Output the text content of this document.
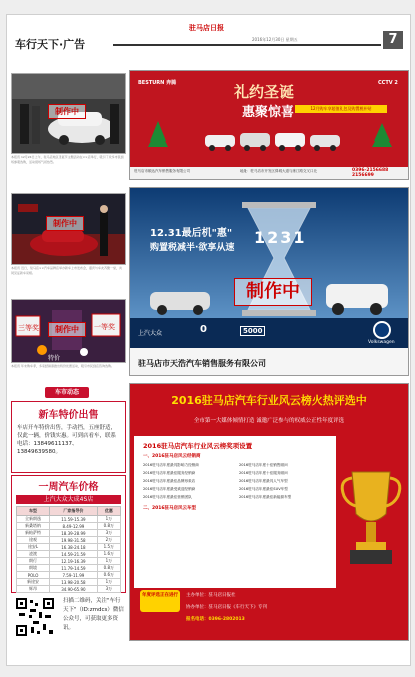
车行天下·广告
驻马店日报
2016年12月30日 星期五	7
制作中
本报讯 12月24日上午，驻马店地区圣诞节主题活动在××店举行，吸引了众多市民到场参观选购，活动现场气氛热烈。
制作中
本报讯 近日，驻马店××汽车品牌店举办新车上市发布会，嘉宾与车友齐聚一堂，共同见证新车亮相。
三等奖	一等奖
特价
制作中
本报讯 年末购车季，多家经销商推出特价优惠活动，吸引市民到店咨询选购。
车市动态
新车特价出售
车店开车特价出售，手动挡，五座舒适，仅此一辆，价钱实惠。可到店看车，联系电话：13849611137、13849639580。
一周汽车价格
上汽大众大成4S店
车型	厂家指导价	优惠
全新朗逸	11.59-15.39	1万
新桑塔纳	8.49-12.99	0.8万
新帕萨特	18.39-28.99	3万
途观	19.98-31.58	2万
途安L	16.38-24.18	1.5万
凌渡	14.59-21.59	1.6万
朗行	12.19-16.39	1万
朗境	11.79-14.59	0.8万
POLO	7.59-11.99	0.6万
新途安	13.98-20.58	1万
辉昂	34.90-65.90	3万
扫描二维码，关注"车行天下"（ID:zmdcs）微信公众号，可获取更多资讯。
BESTURN 奔腾	礼约圣诞
惠聚惊喜	12月购车享超值礼包及购置税补贴
CCTV 2
驻马店市顺达汽车销售服务有限公司	地址：驻马店市开发区驿城大道与练江路交叉口北	0396-2156688 2156699
12.31最后机"惠"
购置税减半·欲享从速
1231
制作中
上汽大众	0	5000
Volkswagen
驻马店市天浩汽车销售服务有限公司
2016驻马店汽车行业风云榜火热评选中
全市第一大媒体倾情打造 诚邀广泛参与的权威公正性年度评选
2016驻马店汽车行业风云榜奖项设置
一、2016驻马店风云经销商
2016驻马店年度最具影响力经销商
2016驻马店年度最佳服务经销商
2016驻马店年度最佳品牌形象店
2016驻马店年度最受欢迎经销商
2016驻马店年度最佳营销团队
2016驻马店年度十佳销售顾问
2016驻马店年度十佳服务顾问
2016驻马店年度最具人气车型
2016驻马店年度最佳SUV车型
2016驻马店年度最佳新能源车型
二、2016驻马店风云车型
年度评选正在进行	主办单位：驻马店日报社
协办单位：驻马店日报《车行天下》专刊
报名电话：0396-2802013
